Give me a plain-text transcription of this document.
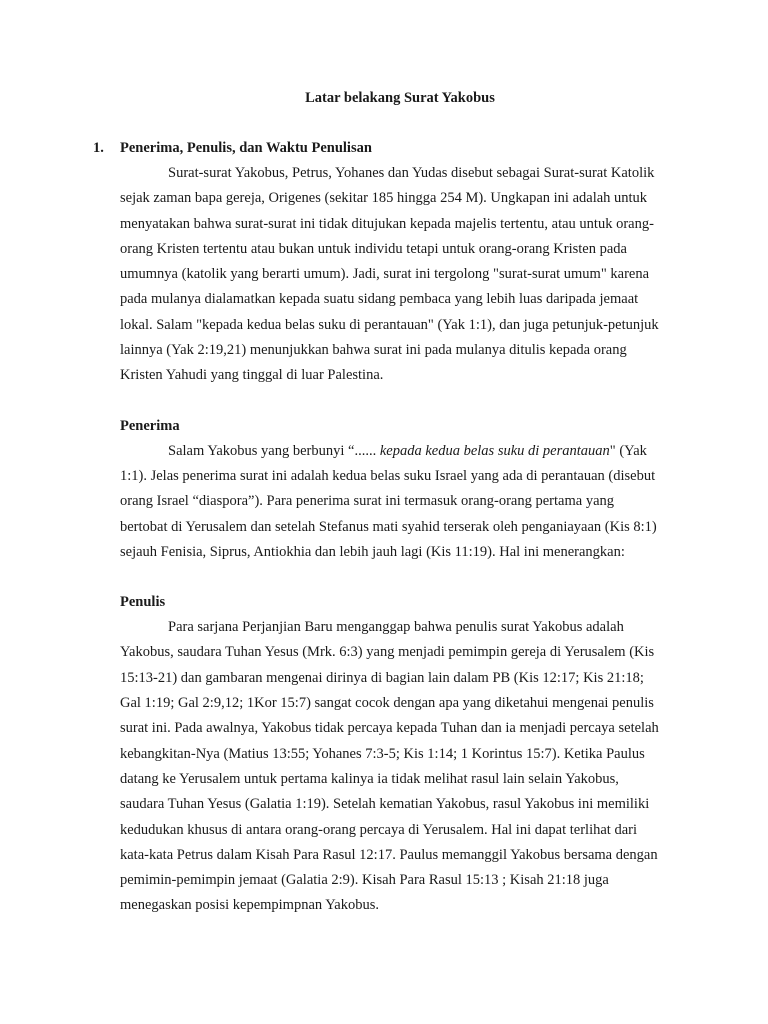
Latar belakang Surat Yakobus
1. Penerima, Penulis, dan Waktu Penulisan

Surat-surat Yakobus, Petrus, Yohanes dan Yudas disebut sebagai Surat-surat Katolik sejak zaman bapa gereja, Origenes (sekitar 185 hingga 254 M). Ungkapan ini adalah untuk menyatakan bahwa surat-surat ini tidak ditujukan kepada majelis tertentu, atau untuk orang-orang Kristen tertentu atau bukan untuk individu tetapi untuk orang-orang Kristen pada umumnya (katolik yang berarti umum). Jadi, surat ini tergolong "surat-surat umum" karena pada mulanya dialamatkan kepada suatu sidang pembaca yang lebih luas daripada jemaat lokal. Salam "kepada kedua belas suku di perantauan" (Yak 1:1), dan juga petunjuk-petunjuk lainnya (Yak 2:19,21) menunjukkan bahwa surat ini pada mulanya ditulis kepada orang Kristen Yahudi yang tinggal di luar Palestina.

Penerima

Salam Yakobus yang berbunyi “...... kepada kedua belas suku di perantauan" (Yak 1:1). Jelas penerima surat ini adalah kedua belas suku Israel yang ada di perantauan (disebut orang Israel “diaspora”). Para penerima surat ini termasuk orang-orang pertama yang bertobat di Yerusalem dan setelah Stefanus mati syahid terserak oleh penganiayaan (Kis 8:1) sejauh Fenisia, Siprus, Antiokhia dan lebih jauh lagi (Kis 11:19). Hal ini menerangkan:

Penulis

Para sarjana Perjanjian Baru menganggap bahwa penulis surat Yakobus adalah Yakobus, saudara Tuhan Yesus (Mrk. 6:3) yang menjadi pemimpin gereja di Yerusalem (Kis 15:13-21) dan gambaran mengenai dirinya di bagian lain dalam PB (Kis 12:17; Kis 21:18; Gal 1:19; Gal 2:9,12; 1Kor 15:7) sangat cocok dengan apa yang diketahui mengenai penulis surat ini. Pada awalnya, Yakobus tidak percaya kepada Tuhan dan ia menjadi percaya setelah kebangkitan-Nya (Matius 13:55; Yohanes 7:3-5; Kis 1:14; 1 Korintus 15:7). Ketika Paulus datang ke Yerusalem untuk pertama kalinya ia tidak melihat rasul lain selain Yakobus, saudara Tuhan Yesus (Galatia 1:19). Setelah kematian Yakobus, rasul Yakobus ini memiliki kedudukan khusus di antara orang-orang percaya di Yerusalem. Hal ini dapat terlihat dari kata-kata Petrus dalam Kisah Para Rasul 12:17. Paulus memanggil Yakobus bersama dengan pemimin-pemimpin jemaat (Galatia 2:9). Kisah Para Rasul 15:13 ; Kisah 21:18 juga menegaskan posisi kepempimpnan Yakobus.
